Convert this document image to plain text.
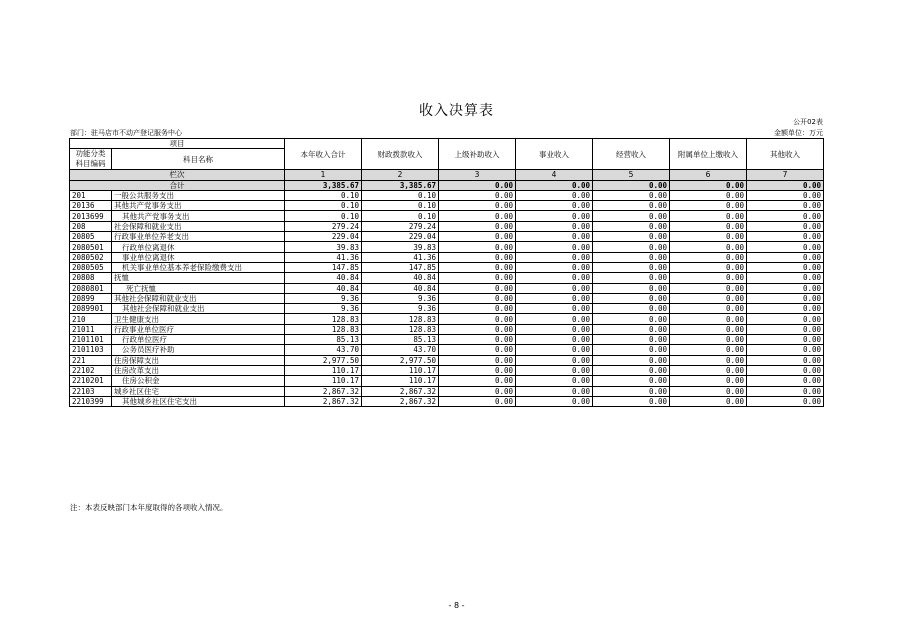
收入决算表
公开02表
部门：驻马店市不动产登记服务中心	金额单位：万元
项目		本年收入合计	财政拨款收入	上级补助收入	事业收入	经营收入	附属单位上缴收入	其他收入
功能分类科目编码	科目名称							
栏次		1	2	3	4	5	6	7
合计		3,385.67	3,385.67	0.00	0.00	0.00	0.00	0.00
201	一般公共服务支出	0.10	0.10	0.00	0.00	0.00	0.00	0.00
20136	其他共产党事务支出	0.10	0.10	0.00	0.00	0.00	0.00	0.00
2013699	其他共产党事务支出	0.10	0.10	0.00	0.00	0.00	0.00	0.00
208	社会保障和就业支出	279.24	279.24	0.00	0.00	0.00	0.00	0.00
20805	行政事业单位养老支出	229.04	229.04	0.00	0.00	0.00	0.00	0.00
2080501	行政单位离退休	39.83	39.83	0.00	0.00	0.00	0.00	0.00
2080502	事业单位离退休	41.36	41.36	0.00	0.00	0.00	0.00	0.00
2080505	机关事业单位基本养老保险缴费支出	147.85	147.85	0.00	0.00	0.00	0.00	0.00
20808	抚恤	40.84	40.84	0.00	0.00	0.00	0.00	0.00
2080801	死亡抚恤	40.84	40.84	0.00	0.00	0.00	0.00	0.00
20899	其他社会保障和就业支出	9.36	9.36	0.00	0.00	0.00	0.00	0.00
2089901	其他社会保障和就业支出	9.36	9.36	0.00	0.00	0.00	0.00	0.00
210	卫生健康支出	128.83	128.83	0.00	0.00	0.00	0.00	0.00
21011	行政事业单位医疗	128.83	128.83	0.00	0.00	0.00	0.00	0.00
2101101	行政单位医疗	85.13	85.13	0.00	0.00	0.00	0.00	0.00
2101103	公务员医疗补助	43.70	43.70	0.00	0.00	0.00	0.00	0.00
221	住房保障支出	2,977.50	2,977.50	0.00	0.00	0.00	0.00	0.00
22102	住房改革支出	110.17	110.17	0.00	0.00	0.00	0.00	0.00
2210201	住房公积金	110.17	110.17	0.00	0.00	0.00	0.00	0.00
22103	城乡社区住宅	2,867.32	2,867.32	0.00	0.00	0.00	0.00	0.00
2210399	其他城乡社区住宅支出	2,867.32	2,867.32	0.00	0.00	0.00	0.00	0.00
注：本表反映部门本年度取得的各项收入情况。
- 8 -
